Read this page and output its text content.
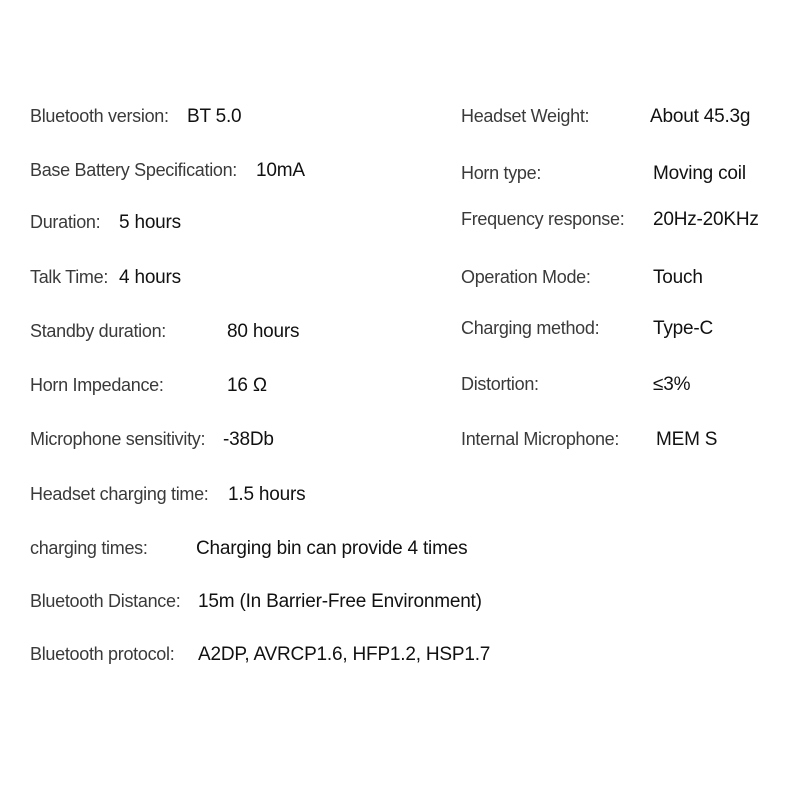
Bluetooth version: BT 5.0
Base Battery Specification: 10mA
Duration: 5 hours
Talk Time: 4 hours
Standby duration:	80 hours
Horn Impedance:	16 Ω
Microphone sensitivity: -38Db
Headset charging time: 1.5 hours
charging times:	Charging bin can provide 4 times
Bluetooth Distance: 15m (In Barrier-Free Environment)
Bluetooth protocol: A2DP, AVRCP1.6, HFP1.2, HSP1.7
Headset Weight:	About 45.3g
Horn type:	Moving coil
Frequency response: 20Hz-20KHz
Operation Mode:	Touch
Charging method:	Type-C
Distortion:	≤3%
Internal Microphone: MEM S
